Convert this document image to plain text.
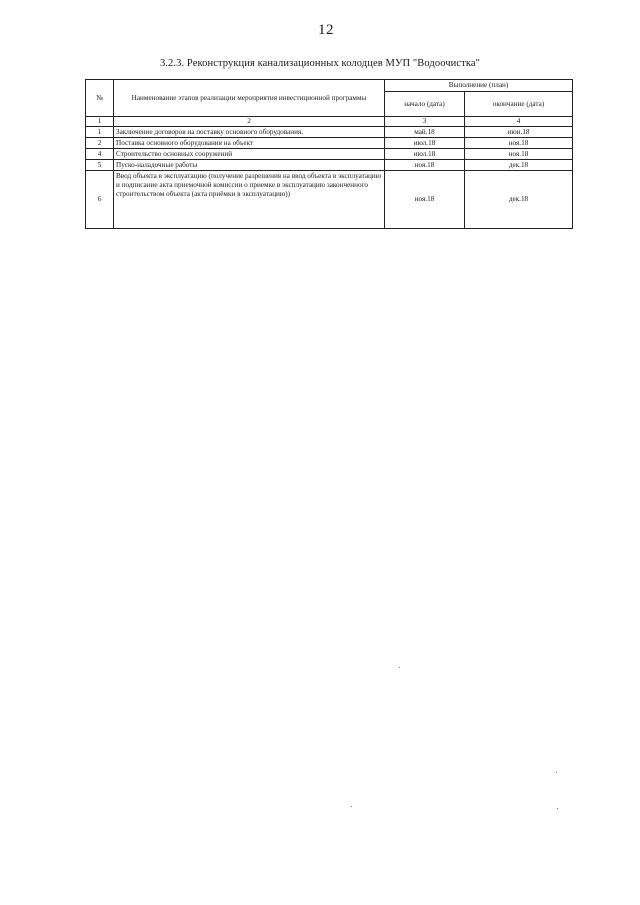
12
3.2.3. Реконструкция канализационных колодцев МУП "Водоочистка"
№	Наименование этапов реализации мероприятия инвестиционной программы	Выполнение (план)	
		начало (дата)	окончание (дата)
1	2	3	4
1	Заключение договоров на поставку основного оборудования,	май.18	июн.18
2	Поставка основного оборудования на объект	июл.18	ноя.18
4	Строительство основных сооружений	июл.18	ноя.18
5	Пуско-наладочные работы	ноя.18	дек.18
6	Ввод объекта в эксплуатацию (получение разрешения на ввод объекта в эксплуатацию и подписание акта приемочной комиссии о приемке в эксплуатацию законченного строительством объекта (акта приёмки в эксплуатацию))	ноя.18	дек.18
